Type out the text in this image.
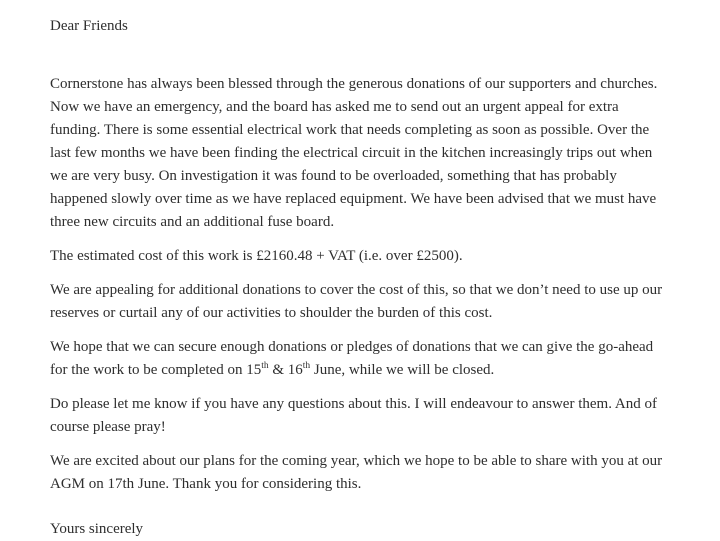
Dear Friends

Cornerstone has always been blessed through the generous donations of our supporters and churches. Now we have an emergency, and the board has asked me to send out an urgent appeal for extra funding. There is some essential electrical work that needs completing as soon as possible. Over the last few months we have been finding the electrical circuit in the kitchen increasingly trips out when we are very busy. On investigation it was found to be overloaded, something that has probably happened slowly over time as we have replaced equipment. We have been advised that we must have three new circuits and an additional fuse board.

The estimated cost of this work is £2160.48 + VAT (i.e. over £2500).

We are appealing for additional donations to cover the cost of this, so that we don’t need to use up our reserves or curtail any of our activities to shoulder the burden of this cost.

We hope that we can secure enough donations or pledges of donations that we can give the go-ahead for the work to be completed on 15th & 16th June, while we will be closed.

Do please let me know if you have any questions about this. I will endeavour to answer them. And of course please pray!

We are excited about our plans for the coming year, which we hope to be able to share with you at our AGM on 17th June. Thank you for considering this.

Yours sincerely
